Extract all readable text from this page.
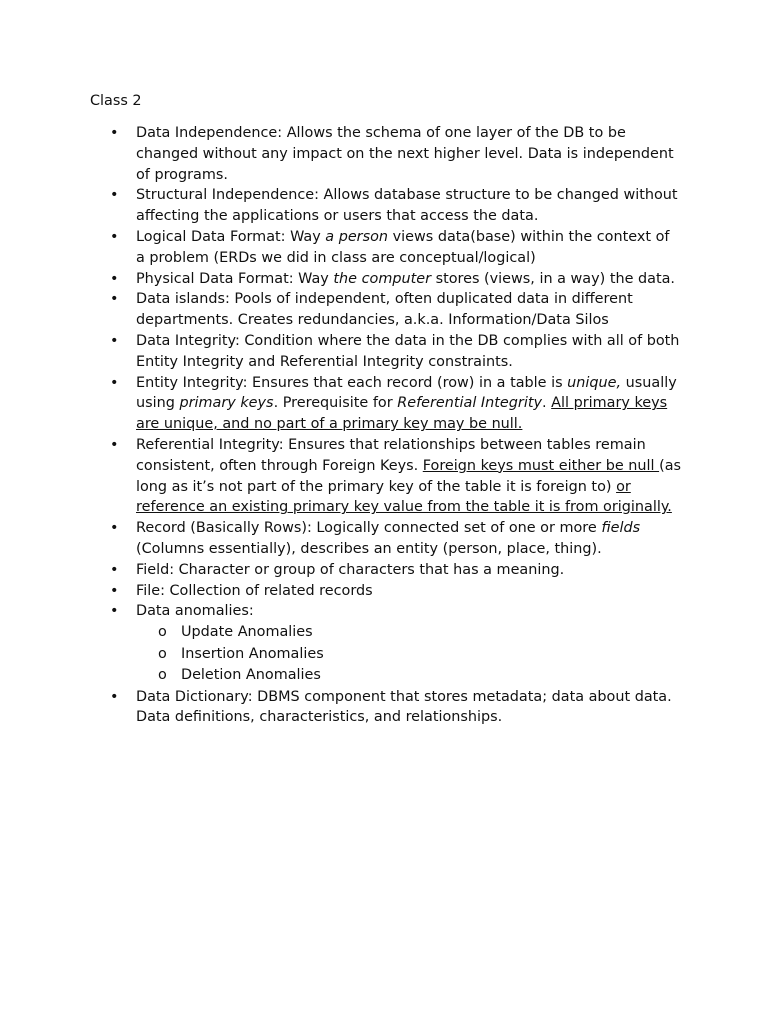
Class 2

• Data Independence: Allows the schema of one layer of the DB to be changed without any impact on the next higher level. Data is independent of programs.
• Structural Independence: Allows database structure to be changed without affecting the applications or users that access the data.
• Logical Data Format: Way a person views data(base) within the context of a problem (ERDs we did in class are conceptual/logical)
• Physical Data Format: Way the computer stores (views, in a way) the data.
• Data islands: Pools of independent, often duplicated data in different departments. Creates redundancies, a.k.a. Information/Data Silos
• Data Integrity: Condition where the data in the DB complies with all of both Entity Integrity and Referential Integrity constraints.
• Entity Integrity: Ensures that each record (row) in a table is unique, usually using primary keys. Prerequisite for Referential Integrity. All primary keys are unique, and no part of a primary key may be null.
• Referential Integrity: Ensures that relationships between tables remain consistent, often through Foreign Keys. Foreign keys must either be null (as long as it’s not part of the primary key of the table it is foreign to) or reference an existing primary key value from the table it is from originally.
• Record (Basically Rows): Logically connected set of one or more fields (Columns essentially), describes an entity (person, place, thing).
• Field: Character or group of characters that has a meaning.
• File: Collection of related records
• Data anomalies:
o Update Anomalies
o Insertion Anomalies
o Deletion Anomalies
• Data Dictionary: DBMS component that stores metadata; data about data. Data definitions, characteristics, and relationships.
